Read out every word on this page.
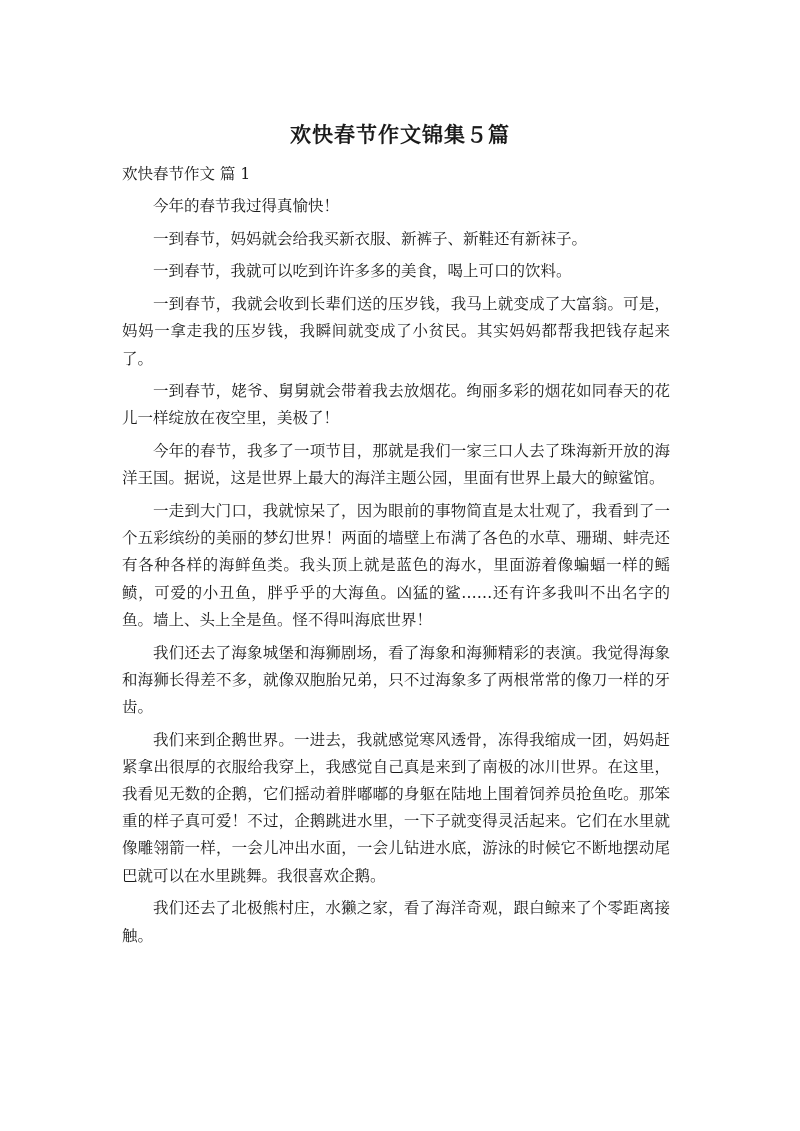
欢快春节作文锦集５篇
欢快春节作文 篇 1

今年的春节我过得真愉快！

一到春节，妈妈就会给我买新衣服、新裤子、新鞋还有新袜子。

一到春节，我就可以吃到许许多多的美食，喝上可口的饮料。

一到春节，我就会收到长辈们送的压岁钱，我马上就变成了大富翁。可是，妈妈一拿走我的压岁钱，我瞬间就变成了小贫民。其实妈妈都帮我把钱存起来了。

一到春节，姥爷、舅舅就会带着我去放烟花。绚丽多彩的烟花如同春天的花儿一样绽放在夜空里，美极了！

今年的春节，我多了一项节目，那就是我们一家三口人去了珠海新开放的海洋王国。据说，这是世界上最大的海洋主题公园，里面有世界上最大的鲸鲨馆。

一走到大门口，我就惊呆了，因为眼前的事物简直是太壮观了，我看到了一个五彩缤纷的美丽的梦幻世界！两面的墙壁上布满了各色的水草、珊瑚、蚌壳还有各种各样的海鲜鱼类。我头顶上就是蓝色的海水，里面游着像蝙蝠一样的鳐鲼，可爱的小丑鱼，胖乎乎的大海鱼。凶猛的鲨……还有许多我叫不出名字的鱼。墙上、头上全是鱼。怪不得叫海底世界！

我们还去了海象城堡和海狮剧场，看了海象和海狮精彩的表演。我觉得海象和海狮长得差不多，就像双胞胎兄弟，只不过海象多了两根常常的像刀一样的牙齿。

我们来到企鹅世界。一进去，我就感觉寒风透骨，冻得我缩成一团，妈妈赶紧拿出很厚的衣服给我穿上，我感觉自己真是来到了南极的冰川世界。在这里，我看见无数的企鹅，它们摇动着胖嘟嘟的身躯在陆地上围着饲养员抢鱼吃。那笨重的样子真可爱！不过，企鹅跳进水里，一下子就变得灵活起来。它们在水里就像雕翎箭一样，一会儿冲出水面，一会儿钻进水底，游泳的时候它不断地摆动尾巴就可以在水里跳舞。我很喜欢企鹅。

我们还去了北极熊村庄，水獭之家，看了海洋奇观，跟白鲸来了个零距离接触。
